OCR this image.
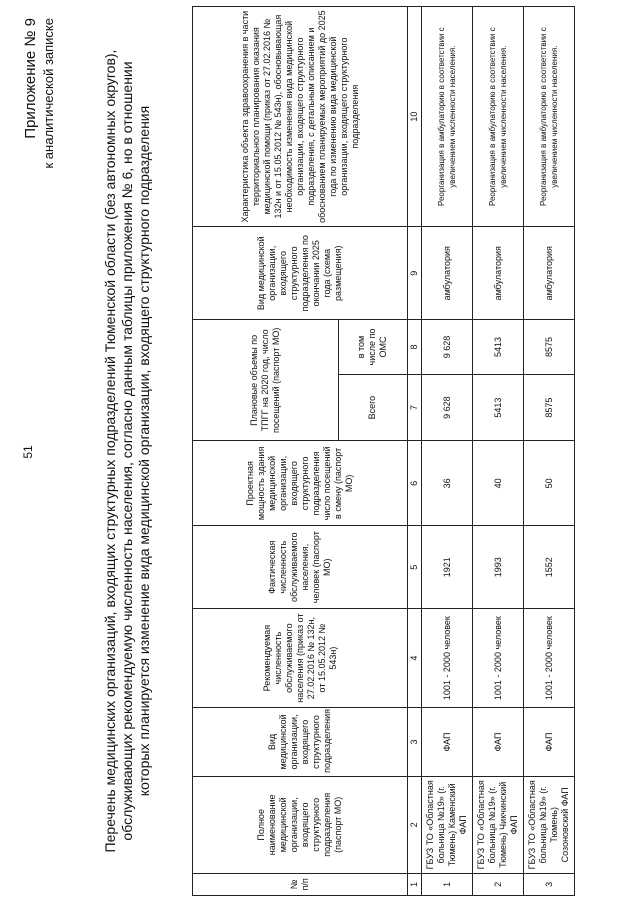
51
Приложение № 9 к аналитической записке	Перечень медицинских организаций, входящих структурных подразделений Тюменской области (без автономных округов), обслуживающих рекомендуемую численность населения, согласно данным таблицы приложения № 6, но в отношении которых планируется изменение вида медицинской организации, входящего структурного подразделения
№ п/п	Полное наименование медицинской организации, входящего структурного подразделения (паспорт МО)	Вид медицинской организации, входящего структурного подразделения	Рекомендуемая численность обслуживаемого населения (приказ от 27.02.2016 № 132н, от 15.05.2012 № 543н)	Фактическая численность обслуживаемого населения, человек (паспорт МО)	Проектная мощность здания медицинской организации, входящего структурного подразделения число посещений в смену (паспорт МО)	Плановые объемы по ТПГГ на 2020 год, число посещений (паспорт МО)		Вид медицинской организации, входящего структурного подразделения по окончании 2025 года (схема размещения)	Характеристика объекта здравоохранения в части территориального планирования оказания медицинской помощи (приказ от 27.02.2016 № 132н и от 15.05.2012 № 543н), обосновывающая необходимость изменения вида медицинской организации, входящего структурного подразделения, с детальным описанием и обоснованием планируемых мероприятий до 2025 года по изменению вида медицинской организации, входящего структурного подразделения
						Всего	в том числе по ОМС		
1	2	3	4	5	6	7	8	9	10
1	ГБУЗ ТО «Областная больница №19» (г. Тюмень) Каменский ФАП	ФАП	1001 - 2000 человек	1921	36	9 628	9 628	амбулатория	Реорганизация в амбулаторию в соответствии с увеличением численности населения.
2	ГБУЗ ТО «Областная больница №19» (г. Тюмень) Чикчинский ФАП	ФАП	1001 - 2000 человек	1993	40	5413	5413	амбулатория	Реорганизация в амбулаторию в соответствии с увеличением численности населения.
3	ГБУЗ ТО «Областная больница №19» (г. Тюмень) Созоновский ФАП	ФАП	1001 - 2000 человек	1552	50	8575	8575	амбулатория	Реорганизация в амбулаторию в соответствии с увеличением численности населения.
